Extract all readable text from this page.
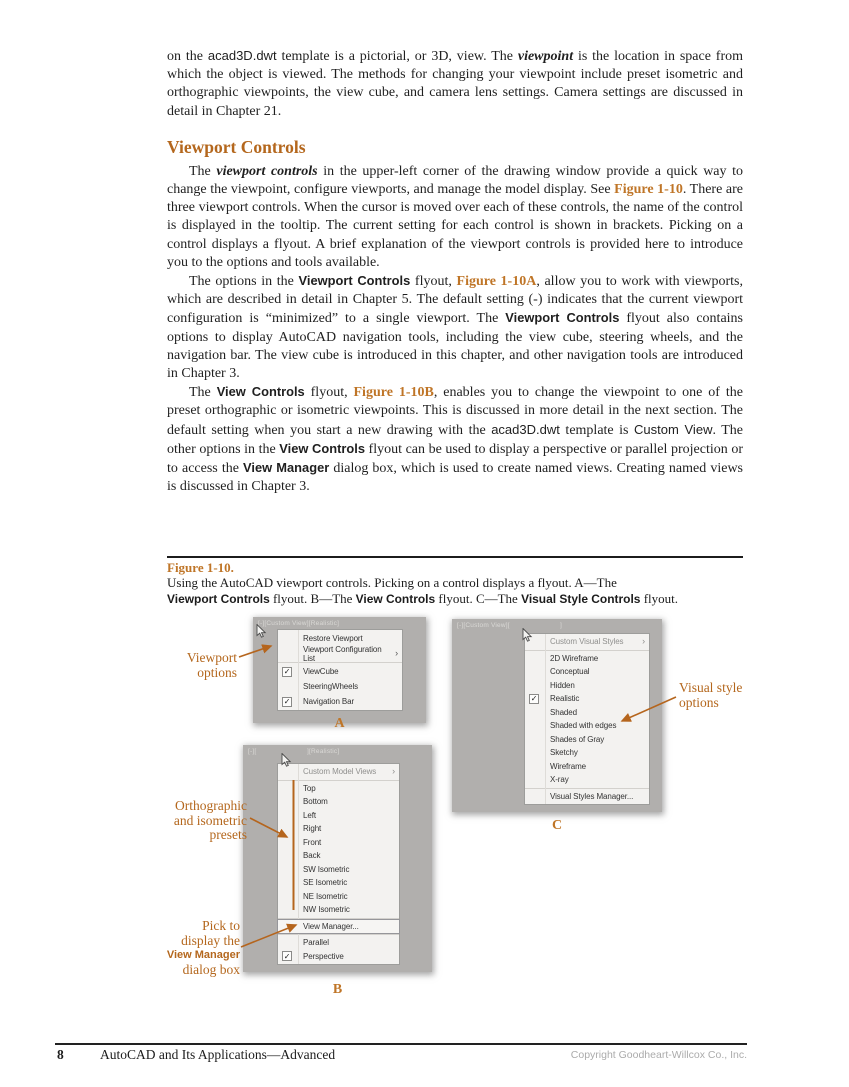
on the acad3D.dwt template is a pictorial, or 3D, view. The viewpoint is the location in space from which the object is viewed. The methods for changing your viewpoint include preset isometric and orthographic viewpoints, the view cube, and camera lens settings. Camera settings are discussed in detail in Chapter 21.

Viewport Controls

The viewport controls in the upper-left corner of the drawing window provide a quick way to change the viewpoint, configure viewports, and manage the model display. See Figure 1-10. There are three viewport controls. When the cursor is moved over each of these controls, the name of the control is displayed in the tooltip. The current setting for each control is shown in brackets. Picking on a control displays a flyout. A brief explanation of the viewport controls is provided here to introduce you to the options and tools available.

The options in the Viewport Controls flyout, Figure 1-10A, allow you to work with viewports, which are described in detail in Chapter 5. The default setting (-) indicates that the current viewport configuration is “minimized” to a single viewport. The Viewport Controls flyout also contains options to display AutoCAD navigation tools, including the view cube, steering wheels, and the navigation bar. The view cube is introduced in this chapter, and other navigation tools are introduced in Chapter 3.

The View Controls flyout, Figure 1-10B, enables you to change the viewpoint to one of the preset orthographic or isometric viewpoints. This is discussed in more detail in the next section. The default setting when you start a new drawing with the acad3D.dwt template is Custom View. The other options in the View Controls flyout can be used to display a perspective or parallel projection or to access the View Manager dialog box, which is used to create named views. Creating named views is discussed in Chapter 3.

Figure 1-10.
Using the AutoCAD viewport controls. Picking on a control displays a flyout. A—The
Viewport Controls flyout. B—The View Controls flyout. C—The Visual Style Controls flyout.
[-][Custom View][Realistic]
Restore Viewport
Viewport Configuration List	›
✓ ViewCube
SteeringWheels
✓ Navigation Bar
A
[-][Custom View][	]
Custom Visual Styles ›
2D Wireframe
Conceptual
Hidden
✓ Realistic
Shaded
Shaded with edges
Shades of Gray
Sketchy
Wireframe
X-ray
Visual Styles Manager...
C
[-][	][Realistic]
Custom Model Views ›
Top
Bottom
Left
Right
Front
Back
SW Isometric
SE Isometric
NE Isometric
NW Isometric
View Manager...
Parallel
✓ Perspective
B
Viewport
options
Visual style
options
Orthographic
and isometric
presets
Pick to
display the
View Manager
dialog box
8	AutoCAD and Its Applications—Advanced	Copyright Goodheart-Willcox Co., Inc.
